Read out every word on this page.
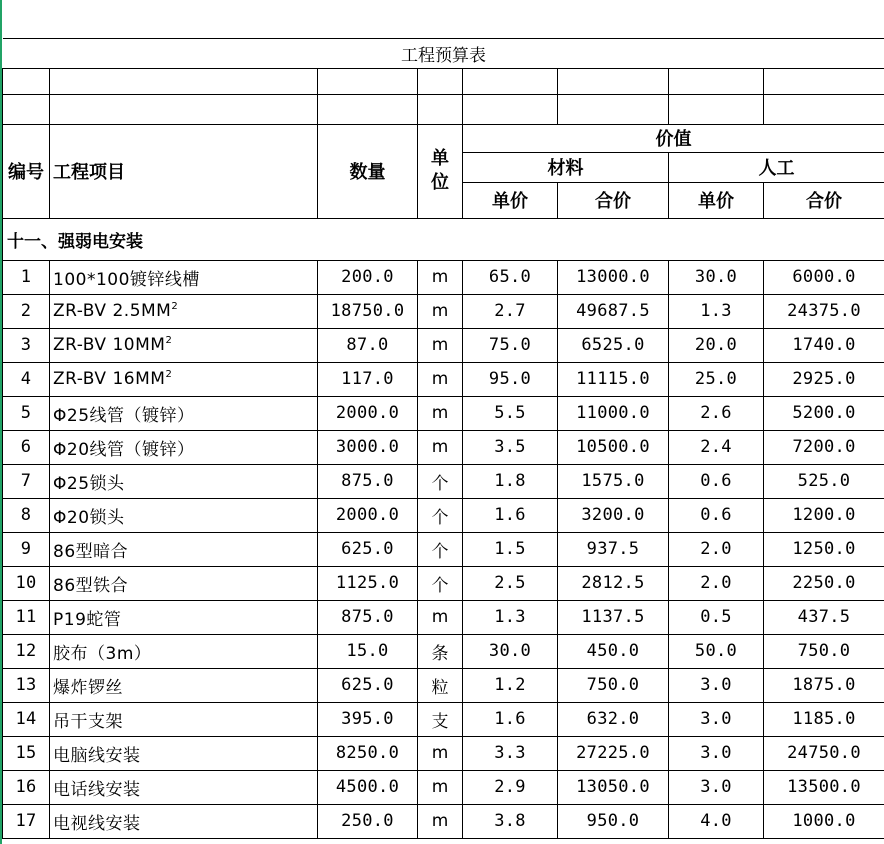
工程预算表							

编号	工程项目	数量	单位	价值			
				材料		人工	
				单价	合价	单价	合价
十一、强弱电安装							
1	100*100镀锌线槽	200.0	m	65.0	13000.0	30.0	6000.0
2	ZR-BV $2.5MM^2$	18750.0	m	2.7	49687.5	1.3	24375.0
3	ZR-BV $10MM^2$	87.0	m	75.0	6525.0	20.0	1740.0
4	ZR-BV $16MM^2$	117.0	m	95.0	11115.0	25.0	2925.0
5	Φ25线管（镀锌）	2000.0	m	5.5	11000.0	2.6	5200.0
6	Φ20线管（镀锌）	3000.0	m	3.5	10500.0	2.4	7200.0
7	Φ25锁头	875.0	个	1.8	1575.0	0.6	525.0
8	Φ20锁头	2000.0	个	1.6	3200.0	0.6	1200.0
9	86型暗合	625.0	个	1.5	937.5	2.0	1250.0
10	86型铁合	1125.0	个	2.5	2812.5	2.0	2250.0
11	P19蛇管	875.0	m	1.3	1137.5	0.5	437.5
12	胶布（3m）	15.0	条	30.0	450.0	50.0	750.0
13	爆炸锣丝	625.0	粒	1.2	750.0	3.0	1875.0
14	吊干支架	395.0	支	1.6	632.0	3.0	1185.0
15	电脑线安装	8250.0	m	3.3	27225.0	3.0	24750.0
16	电话线安装	4500.0	m	2.9	13050.0	3.0	13500.0
17	电视线安装	250.0	m	3.8	950.0	4.0	1000.0
